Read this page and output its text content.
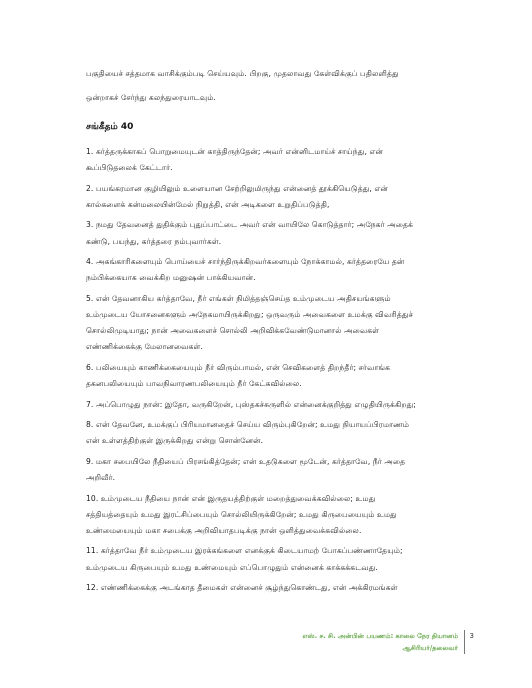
பகுதியைச் சத்தமாக வாசிக்கும்படி செய்யவும். பிறகு, முதலாவது கேள்விக்குப் பதிலளித்து
ஒன்றாகச் சேர்ந்து கலந்துரையாடவும்.
சங்கீதம் 40
1. கர்த்தருக்காகப் பொறுமையுடன் காத்திருந்தேன்; அவர் என்னிடமாய்ச் சாய்ந்து, என்
கூப்பிடுதலைக் கேட்டார்.
2. பயங்கரமான குழியிலும் உளையான சேற்றிலுமிருந்து என்னைத் தூக்கியெடுத்து, என்
கால்களைக் கன்மலையின்மேல் நிறுத்தி, என் அடிகளை உறுதிப்படுத்தி,
3. நமது தேவனைத் துதிக்கும் புதுப்பாட்டை அவர் என் வாயிலே கொடுத்தார்; அநேகர் அதைக்
கண்டு, பயந்து, கர்த்தரை நம்புவார்கள்.
4. அகங்காரிகளையும் பொய்யைச் சார்ந்திருக்கிறவர்களையும் நோக்காமல், கர்த்தரையே தன்
நம்பிக்கையாக வைக்கிற மனுஷன் பாக்கியவான்.
5. என் தேவனாகிய கர்த்தாவே, நீர் எங்கள் நிமித்தஞ்செய்த உம்முடைய அதிசயங்களும்
உம்முடைய யோசனைகளும் அநேகமாயிருக்கிறது; ஒருவரும் அவைகளை உமக்கு விவரித்துச்
சொல்லிமுடியாது; நான் அவைகளைச் சொல்லி அறிவிக்கவேண்டுமானால் அவைகள்
எண்ணிக்கைக்கு மேலானவைகள்.
6. பலியையும் காணிக்கையையும் நீர் விரும்பாமல், என் செவிகளைத் திறந்தீர்; சர்வாங்க
தகனபலியையும் பாவநிவாரணபலியையும் நீர் கேட்கவில்லை.
7. அப்பொழுது நான்: இதோ, வருகிறேன், புஸ்தகச்சுருளில் என்னைக்குறித்து எழுதியிருக்கிறது;
8. என் தேவனே, உமக்குப் பிரியமானதைச் செய்ய விரும்புகிறேன்; உமது நியாயப்பிரமாணம்
என் உள்ளத்திற்குள் இருக்கிறது என்று சொன்னேன்.
9. மகா சபையிலே நீதியைப் பிரசங்கித்தேன்; என் உதடுகளை மூடேன், கர்த்தாவே, நீர் அதை
அறிவீர்.
10. உம்முடைய நீதியை நான் என் இருதயத்திற்குள் மறைத்துவைக்கவில்லை; உமது
சத்தியத்தையும் உமது இரட்சிப்பையும் சொல்லியிருக்கிறேன்; உமது கிருபையையும் உமது
உண்மையையும் மகா சபைக்கு அறிவியாதபடிக்கு நான் ஒளித்துவைக்கவில்லை.
11. கர்த்தாவே நீர் உம்முடைய இரக்கங்களை எனக்குக் கிடையாமற் போகப்பண்ணாதேயும்;
உம்முடைய கிருபையும் உமது உண்மையும் எப்பொழுதும் என்னைக் காக்கக்கடவது.
12. எண்ணிக்கைக்கு அடங்காத தீமைகள் என்னைச் சூழ்ந்துகொண்டது, என் அக்கிரமங்கள்
எஸ். ச. சி. அன்பின் பயணம்: காலை நேர தியானம்
ஆசிரியர்/தலைவர்
3
